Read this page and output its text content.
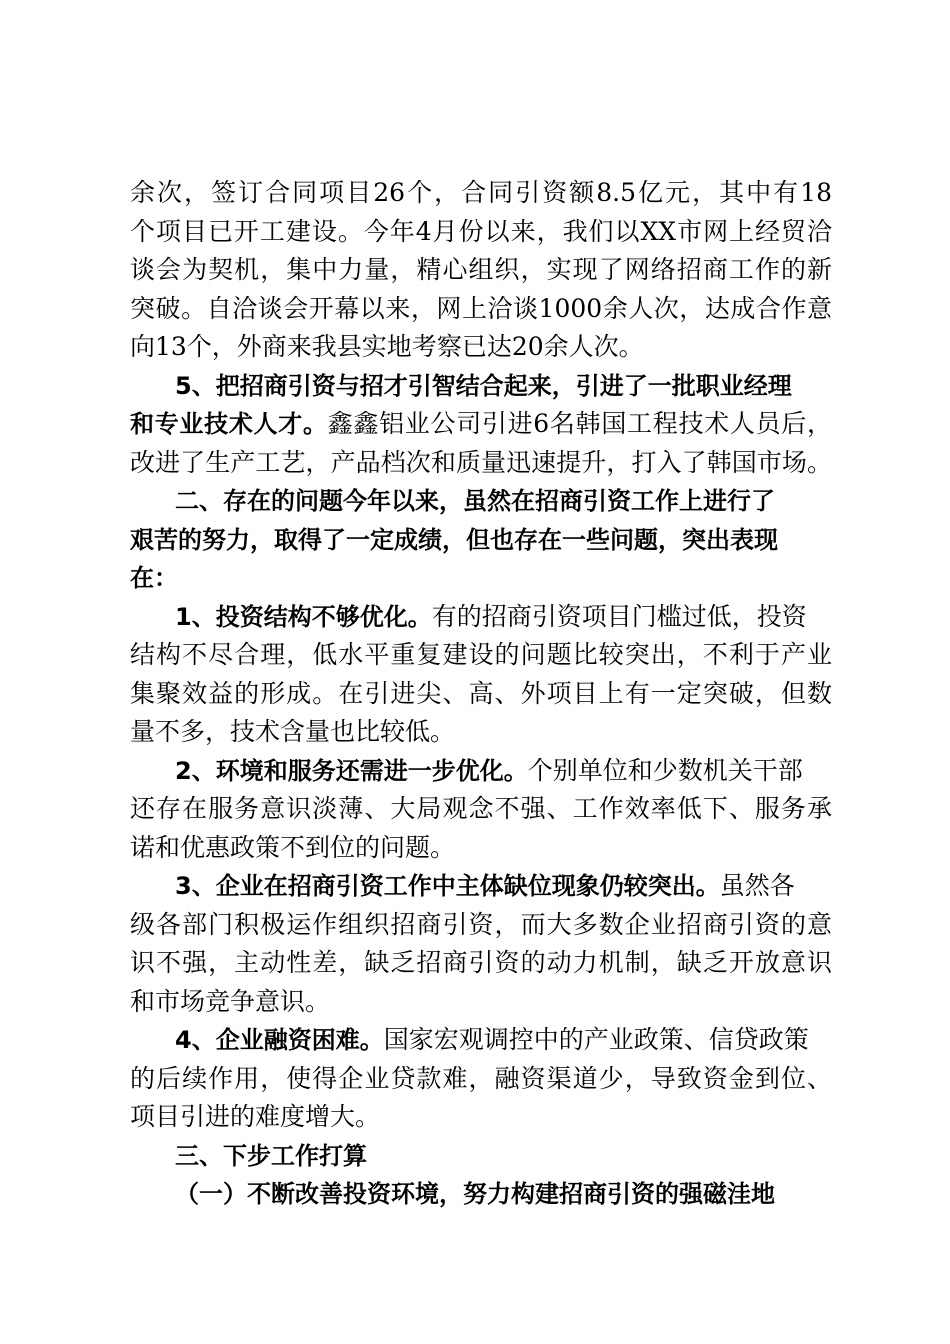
余次，签订合同项目26个，合同引资额8.5亿元，其中有18
个项目已开工建设。今年4月份以来，我们以XX市网上经贸洽
谈会为契机，集中力量，精心组织，实现了网络招商工作的新
突破。自洽谈会开幕以来，网上洽谈1000余人次，达成合作意
向13个，外商来我县实地考察已达20余人次。
5、把招商引资与招才引智结合起来，引进了一批职业经理
和专业技术人才。鑫鑫铝业公司引进6名韩国工程技术人员后，
改进了生产工艺，产品档次和质量迅速提升，打入了韩国市场。
二、存在的问题今年以来，虽然在招商引资工作上进行了
艰苦的努力，取得了一定成绩，但也存在一些问题，突出表现
在：
1、投资结构不够优化。有的招商引资项目门槛过低，投资
结构不尽合理，低水平重复建设的问题比较突出，不利于产业
集聚效益的形成。在引进尖、高、外项目上有一定突破，但数
量不多，技术含量也比较低。
2、环境和服务还需进一步优化。个别单位和少数机关干部
还存在服务意识淡薄、大局观念不强、工作效率低下、服务承
诺和优惠政策不到位的问题。
3、企业在招商引资工作中主体缺位现象仍较突出。虽然各
级各部门积极运作组织招商引资，而大多数企业招商引资的意
识不强，主动性差，缺乏招商引资的动力机制，缺乏开放意识
和市场竞争意识。
4、企业融资困难。国家宏观调控中的产业政策、信贷政策
的后续作用，使得企业贷款难，融资渠道少，导致资金到位、
项目引进的难度增大。
三、下步工作打算
（一）不断改善投资环境，努力构建招商引资的强磁洼地
